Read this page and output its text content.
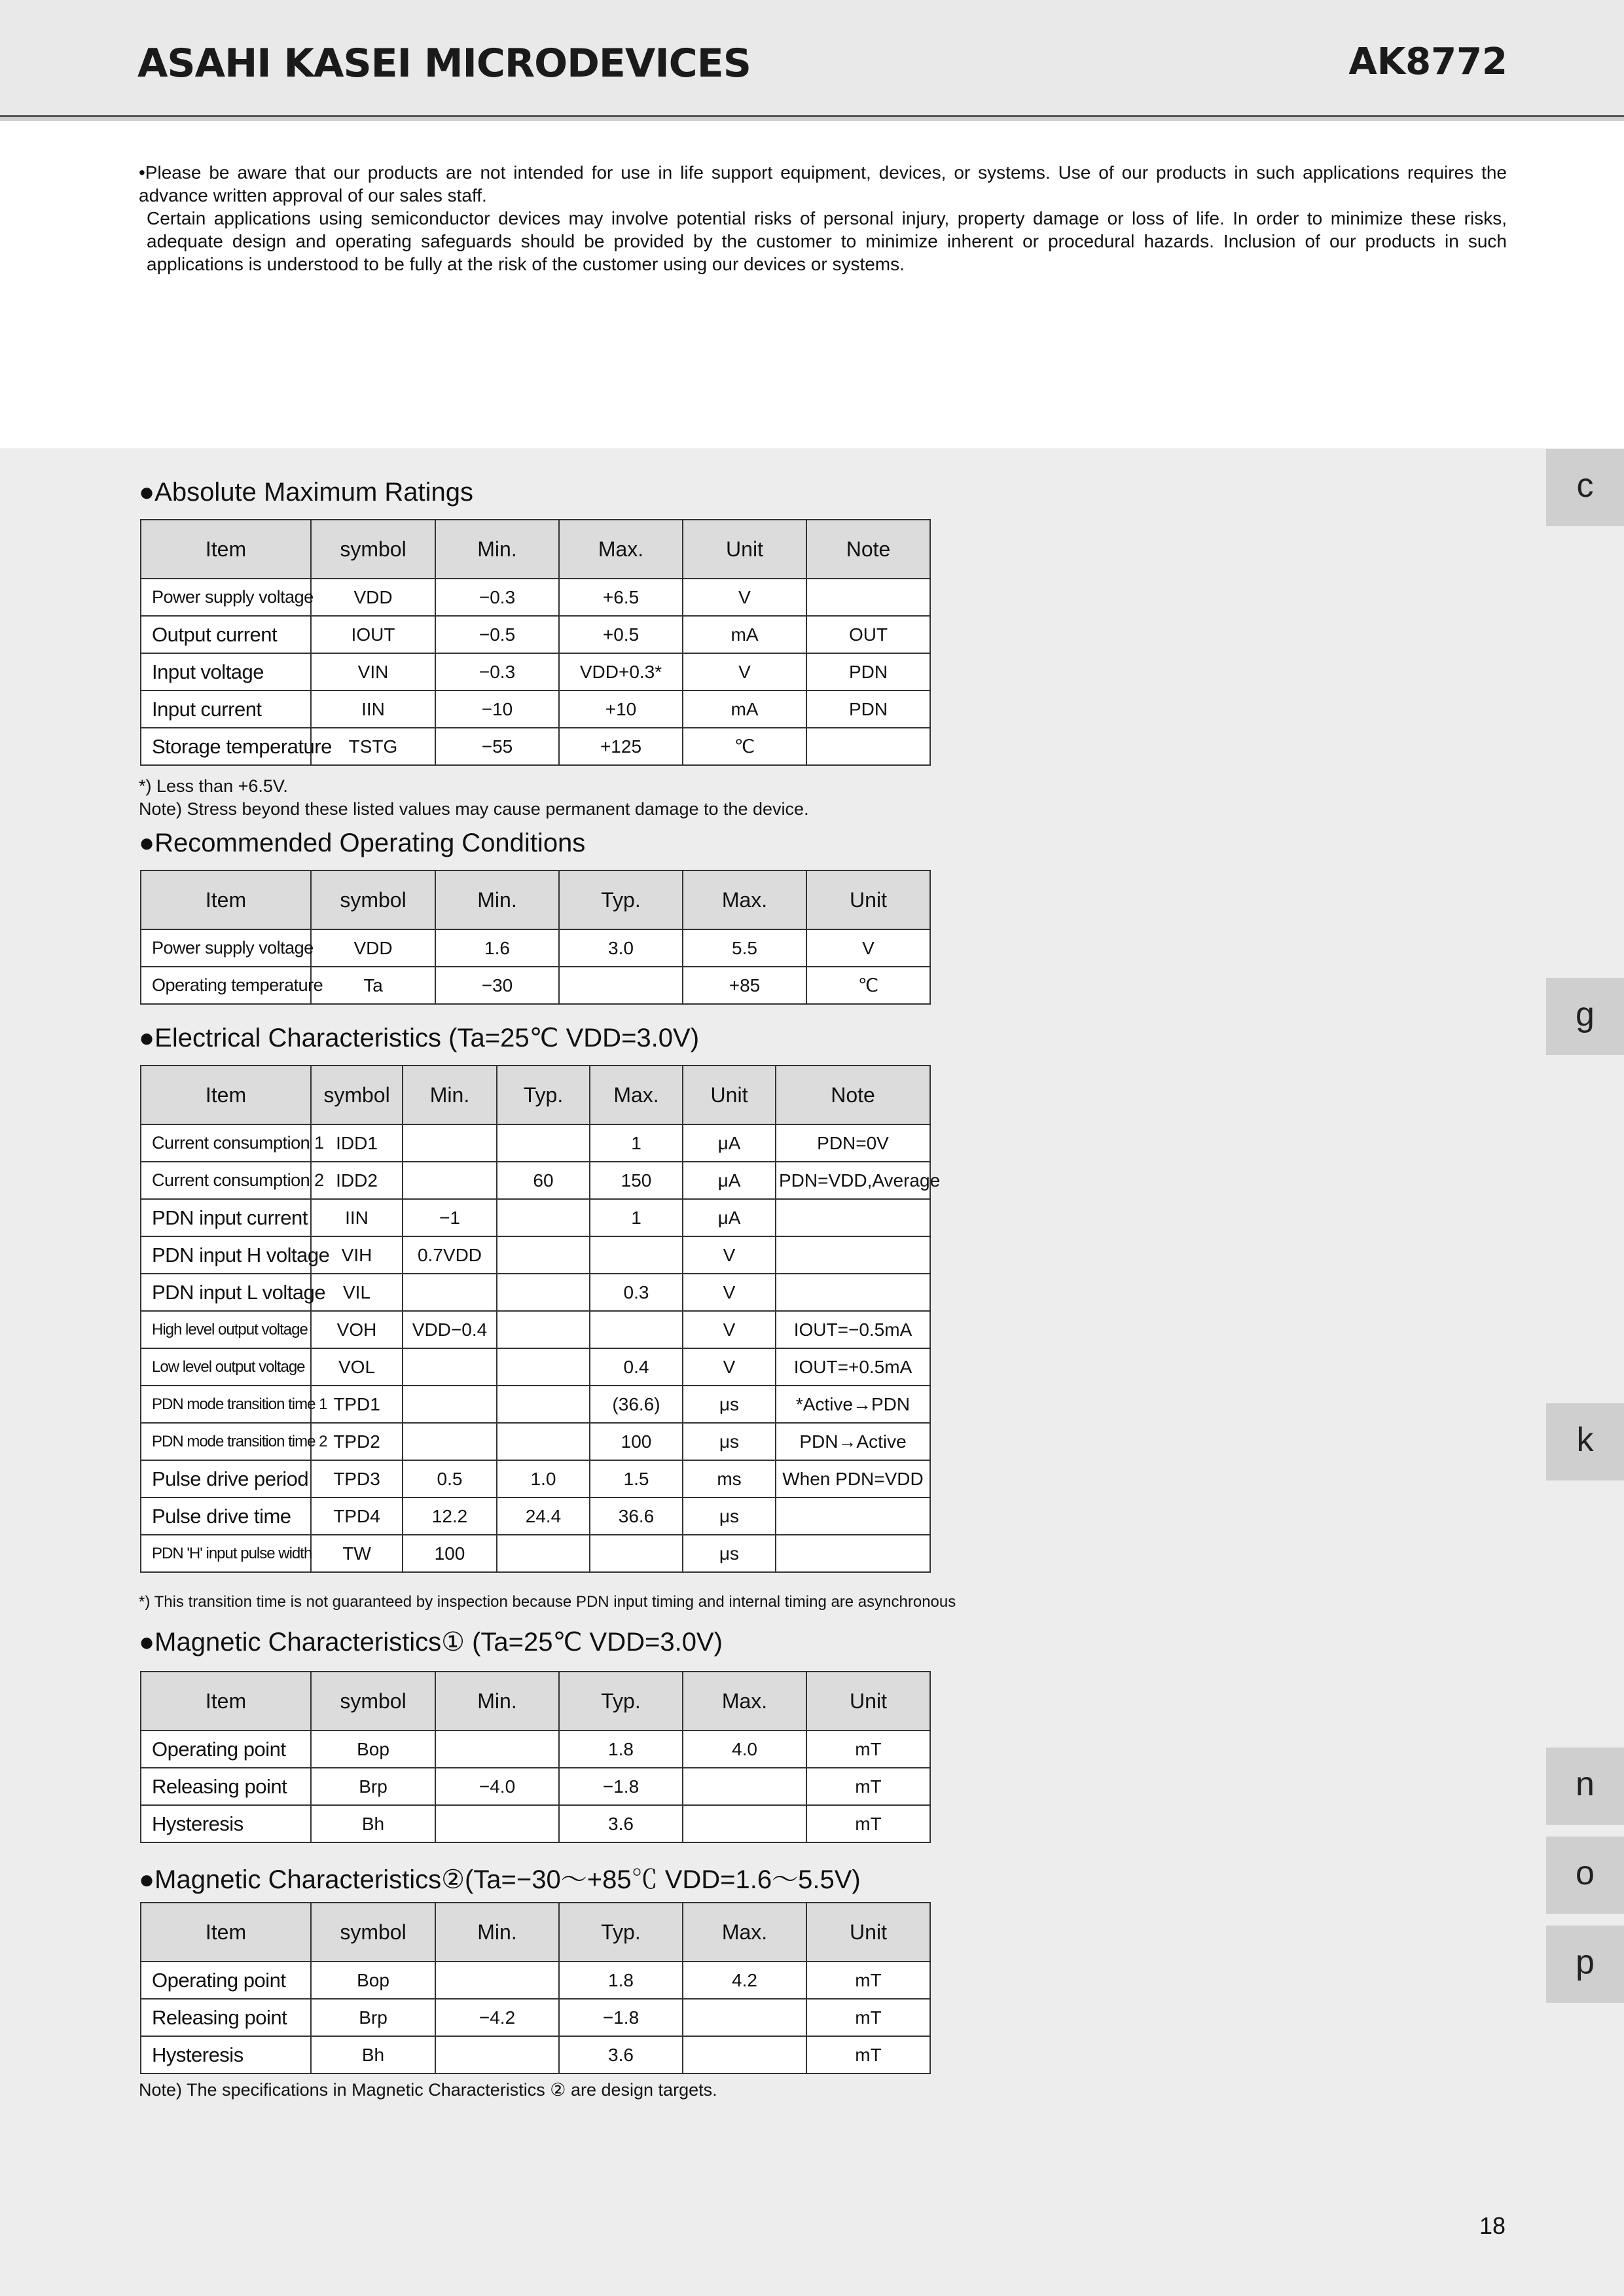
ASAHI KASEI MICRODEVICES	AK8772

•Please be aware that our products are not intended for use in life support equipment, devices, or systems. Use of our products in such applications requires the advance written approval of our sales staff.

Certain applications using semiconductor devices may involve potential risks of personal injury, property damage or loss of life. In order to minimize these risks, adequate design and operating safeguards should be provided by the customer to minimize inherent or procedural hazards. Inclusion of our products in such applications is understood to be fully at the risk of the customer using our devices or systems.

●Absolute Maximum Ratings
Item	symbol	Min.	Max.	Unit	Note
Power supply voltage	VDD	−0.3	+6.5	V	
Output current	IOUT	−0.5	+0.5	mA	OUT
Input voltage	VIN	−0.3	VDD+0.3*	V	PDN
Input current	IIN	−10	+10	mA	PDN
Storage temperature	TSTG	−55	+125	℃	
*) Less than +6.5V.
Note) Stress beyond these listed values may cause permanent damage to the device.
●Recommended Operating Conditions
Item	symbol	Min.	Typ.	Max.	Unit
Power supply voltage	VDD	1.6	3.0	5.5	V
Operating temperature	Ta	−30		+85	℃
●Electrical Characteristics (Ta=25℃ VDD=3.0V)
Item	symbol	Min.	Typ.	Max.	Unit	Note
Current consumption 1	IDD1			1	μA	PDN=0V
Current consumption 2	IDD2		60	150	μA	PDN=VDD,Average
PDN input current	IIN	−1		1	μA	
PDN input H voltage	VIH	0.7VDD			V	
PDN input L voltage	VIL			0.3	V	
High level output voltage	VOH	VDD−0.4			V	IOUT=−0.5mA
Low level output voltage	VOL			0.4	V	IOUT=+0.5mA
PDN mode transition time 1	TPD1			(36.6)	μs	*Active→PDN
PDN mode transition time 2	TPD2			100	μs	PDN→Active
Pulse drive period	TPD3	0.5	1.0	1.5	ms	When PDN=VDD
Pulse drive time	TPD4	12.2	24.4	36.6	μs	
PDN 'H' input pulse width	TW	100			μs	
*) This transition time is not guaranteed by inspection because PDN input timing and internal timing are asynchronous
●Magnetic Characteristics① (Ta=25℃ VDD=3.0V)
Item	symbol	Min.	Typ.	Max.	Unit
Operating point	Bop		1.8	4.0	mT
Releasing point	Brp	−4.0	−1.8		mT
Hysteresis	Bh		3.6		mT
●Magnetic Characteristics②(Ta=−30〜+85℃ VDD=1.6〜5.5V)
Item	symbol	Min.	Typ.	Max.	Unit
Operating point	Bop		1.8	4.2	mT
Releasing point	Brp	−4.2	−1.8		mT
Hysteresis	Bh		3.6		mT
Note) The specifications in Magnetic Characteristics ② are design targets.
c
g
k
n
o
p
18
